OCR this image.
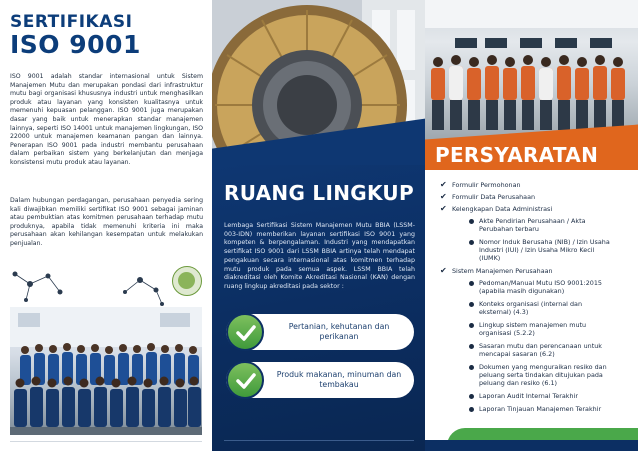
SERTIFIKASI
ISO 9001

ISO 9001 adalah standar internasional untuk Sistem Manajemen Mutu dan merupakan pondasi dari infrastruktur mutu bagi organisasi khususnya industri untuk menghasilkan produk atau layanan yang konsisten kualitasnya untuk memenuhi kepuasan pelanggan. ISO 9001 juga merupakan dasar yang baik untuk menerapkan standar manajemen lainnya, seperti ISO 14001 untuk manajemen lingkungan, ISO 22000 untuk manajemen keamanan pangan dan lainnya. Penerapan ISO 9001 pada industri membantu perusahaan dalam perbaikan sistem yang berkelanjutan dan menjaga konsistensi mutu produk atau layanan.

Dalam hubungan perdagangan, perusahaan penyedia sering kali diwajibkan memiliki sertifikat ISO 9001 sebagai jaminan atau pembuktian atas komitmen perusahaan terhadap mutu produknya, apabila tidak memenuhi kriteria ini maka perusahaan akan kehilangan kesempatan untuk melakukan penjualan.

RUANG LINGKUP

Lembaga Sertifikasi Sistem Manajemen Mutu BBIA (LSSM-003-IDN) memberikan layanan sertifikasi ISO 9001 yang kompeten & berpengalaman. Industri yang mendapatkan sertifikat ISO 9001 dari LSSM BBIA artinya telah mendapat pengakuan secara internasional atas komitmen terhadap mutu produk pada semua aspek. LSSM BBIA telah diakreditasi oleh Komite Akreditasi Nasional (KAN) dengan ruang lingkup akreditasi pada sektor :

Pertanian, kehutanan dan perikanan
Produk makanan, minuman dan tembakau
PERSYARATAN
✔ Formulir Permohonan
✔ Formulir Data Perusahaan
✔ Kelengkapan Data Administrasi
Akte Pendirian Perusahaan / Akta Perubahan terbaru
Nomor Induk Berusaha (NIB) / Izin Usaha Industri (IUI) / Izin Usaha Mikro Kecil (IUMK)
✔ Sistem Manajemen Perusahaan
Pedoman/Manual Mutu ISO 9001:2015 (apabila masih digunakan)
Konteks organisasi (internal dan eksternal) (4.3)
Lingkup sistem manajemen mutu organisasi (5.2.2)
Sasaran mutu dan perencanaan untuk mencapai sasaran (6.2)
Dokumen yang menguraikan resiko dan peluang serta tindakan ditujukan pada peluang dan resiko (6.1)
Laporan Audit Internal Terakhir
Laporan Tinjauan Manajemen Terakhir
